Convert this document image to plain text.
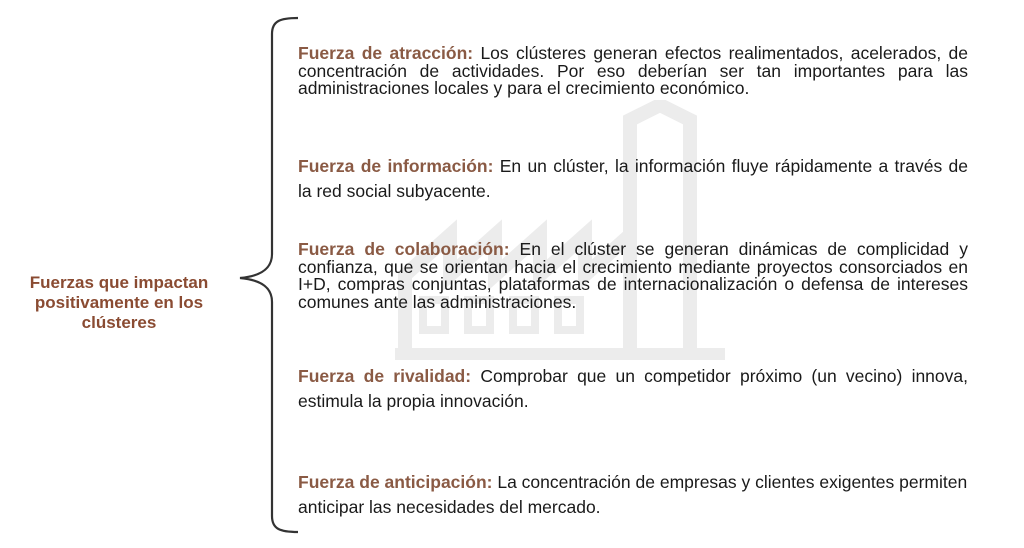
Fuerzas que impactan
positivamente en los
clústeres
Fuerza de atracción: Los clústeres generan efectos realimentados, acelerados, de concentración de actividades. Por eso deberían ser tan importantes para las administraciones locales y para el crecimiento económico.
Fuerza de información: En un clúster, la información fluye rápidamente a través de la red social subyacente.
Fuerza de colaboración: En el clúster se generan dinámicas de complicidad y confianza, que se orientan hacia el crecimiento mediante proyectos consorciados en I+D, compras conjuntas, plataformas de internacionalización o defensa de intereses comunes ante las administraciones.
Fuerza de rivalidad: Comprobar que un competidor próximo (un vecino) innova, estimula la propia innovación.
Fuerza de anticipación: La concentración de empresas y clientes exigentes permiten anticipar las necesidades del mercado.
